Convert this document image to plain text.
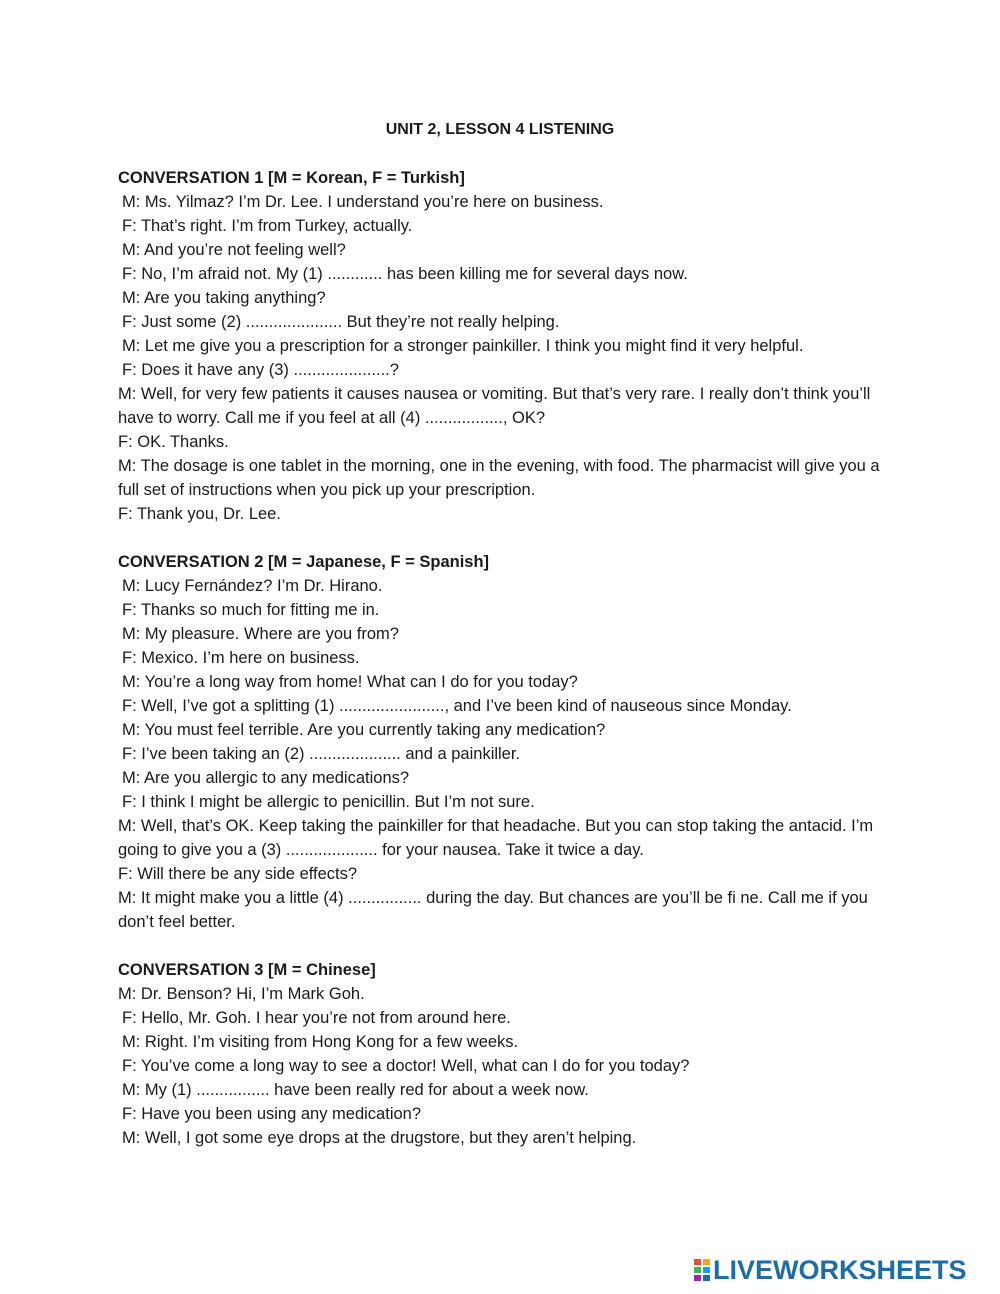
UNIT 2, LESSON 4 LISTENING
CONVERSATION 1 [M = Korean, F = Turkish]
M: Ms. Yilmaz? I’m Dr. Lee. I understand you’re here on business.
F: That’s right. I’m from Turkey, actually.
M: And you’re not feeling well?
F: No, I’m afraid not. My (1) ............ has been killing me for several days now.
M: Are you taking anything?
F: Just some (2) ..................... But they’re not really helping.
M: Let me give you a prescription for a stronger painkiller. I think you might find it very helpful.
F: Does it have any (3) .....................?
M: Well, for very few patients it causes nausea or vomiting. But that’s very rare. I really don’t think you’ll have to worry. Call me if you feel at all (4) ................., OK?
F: OK. Thanks.
M: The dosage is one tablet in the morning, one in the evening, with food. The pharmacist will give you a full set of instructions when you pick up your prescription.
F: Thank you, Dr. Lee.
CONVERSATION 2 [M = Japanese, F = Spanish]
M: Lucy Fernández? I’m Dr. Hirano.
F: Thanks so much for fitting me in.
M: My pleasure. Where are you from?
F: Mexico. I’m here on business.
M: You’re a long way from home! What can I do for you today?
F: Well, I’ve got a splitting (1) ......................., and I’ve been kind of nauseous since Monday.
M: You must feel terrible. Are you currently taking any medication?
F: I’ve been taking an (2) .................... and a painkiller.
M: Are you allergic to any medications?
F: I think I might be allergic to penicillin. But I’m not sure.
M: Well, that’s OK. Keep taking the painkiller for that headache. But you can stop taking the antacid. I’m going to give you a (3) .................... for your nausea. Take it twice a day.
F: Will there be any side effects?
M: It might make you a little (4) ................ during the day. But chances are you’ll be fi ne. Call me if you don’t feel better.
CONVERSATION 3 [M = Chinese]
M: Dr. Benson? Hi, I’m Mark Goh.
F: Hello, Mr. Goh. I hear you’re not from around here.
M: Right. I’m visiting from Hong Kong for a few weeks.
F: You’ve come a long way to see a doctor! Well, what can I do for you today?
M: My (1) ................ have been really red for about a week now.
F: Have you been using any medication?
M: Well, I got some eye drops at the drugstore, but they aren’t helping.
LIVEWORKSHEETS
